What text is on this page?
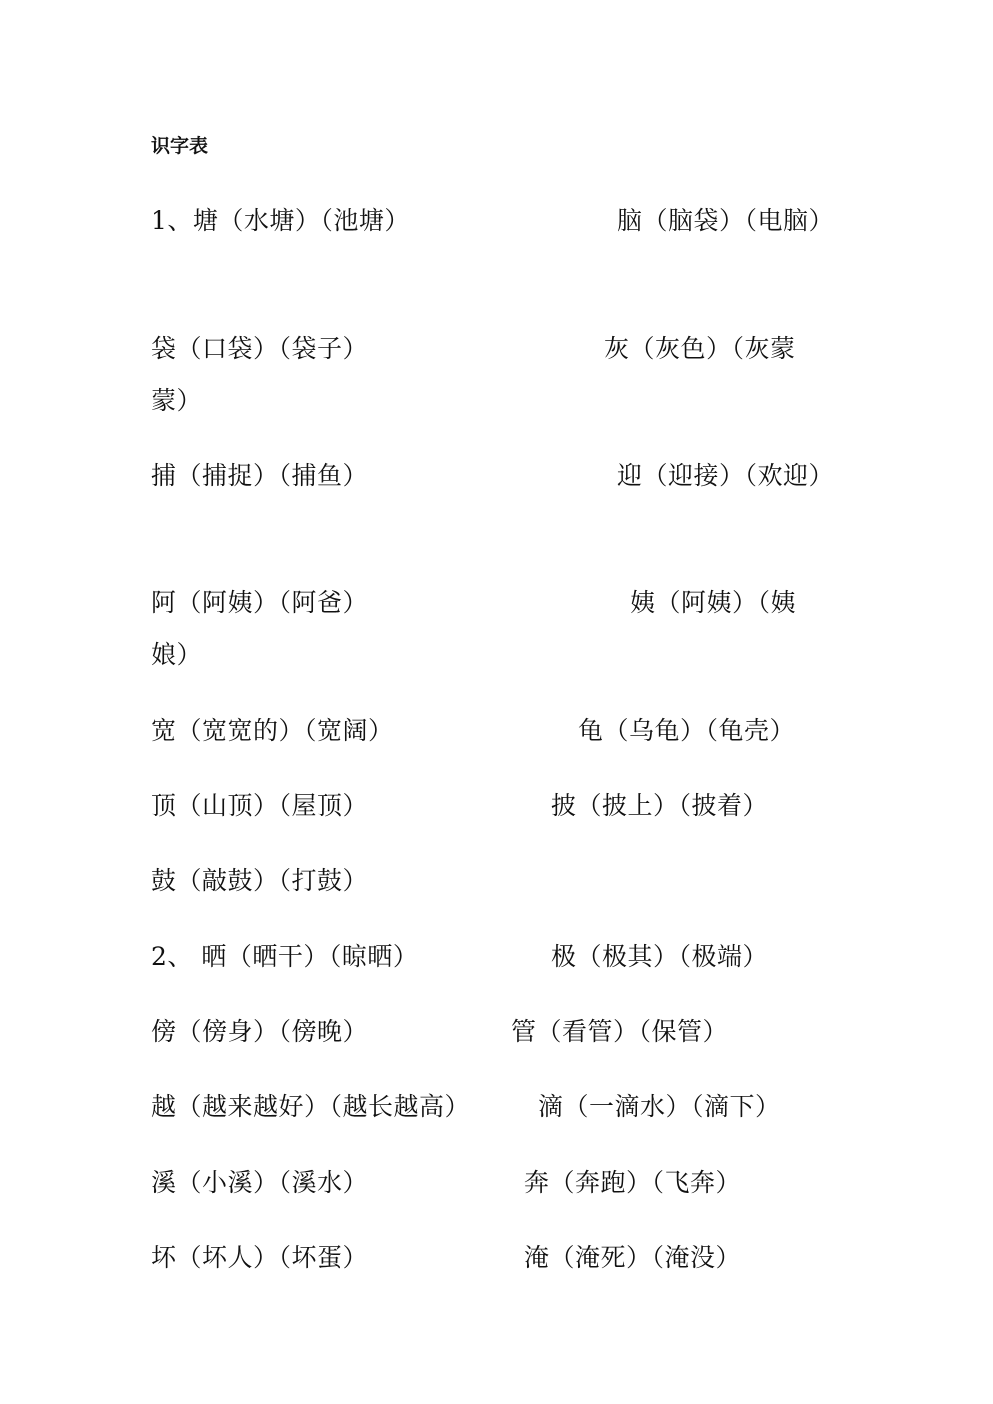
识字表
1、塘（水塘）（池塘）	脑（脑袋）（电脑）
袋（口袋）（袋子）	灰（灰色）（灰蒙
蒙）
捕（捕捉）（捕鱼）	迎（迎接）（欢迎）
阿（阿姨）（阿爸）	姨（阿姨）（姨
娘）
宽（宽宽的）（宽阔）	龟（乌龟）（龟壳）
顶（山顶）（屋顶）	披（披上）（披着）
鼓（敲鼓）（打鼓）
2、 晒（晒干）（晾晒）	极（极其）（极端）
傍（傍身）（傍晚）	管（看管）（保管）
越（越来越好）（越长越高）	滴（一滴水）（滴下）
溪（小溪）（溪水）	奔（奔跑）（飞奔）
坏（坏人）（坏蛋）	淹（淹死）（淹没）
